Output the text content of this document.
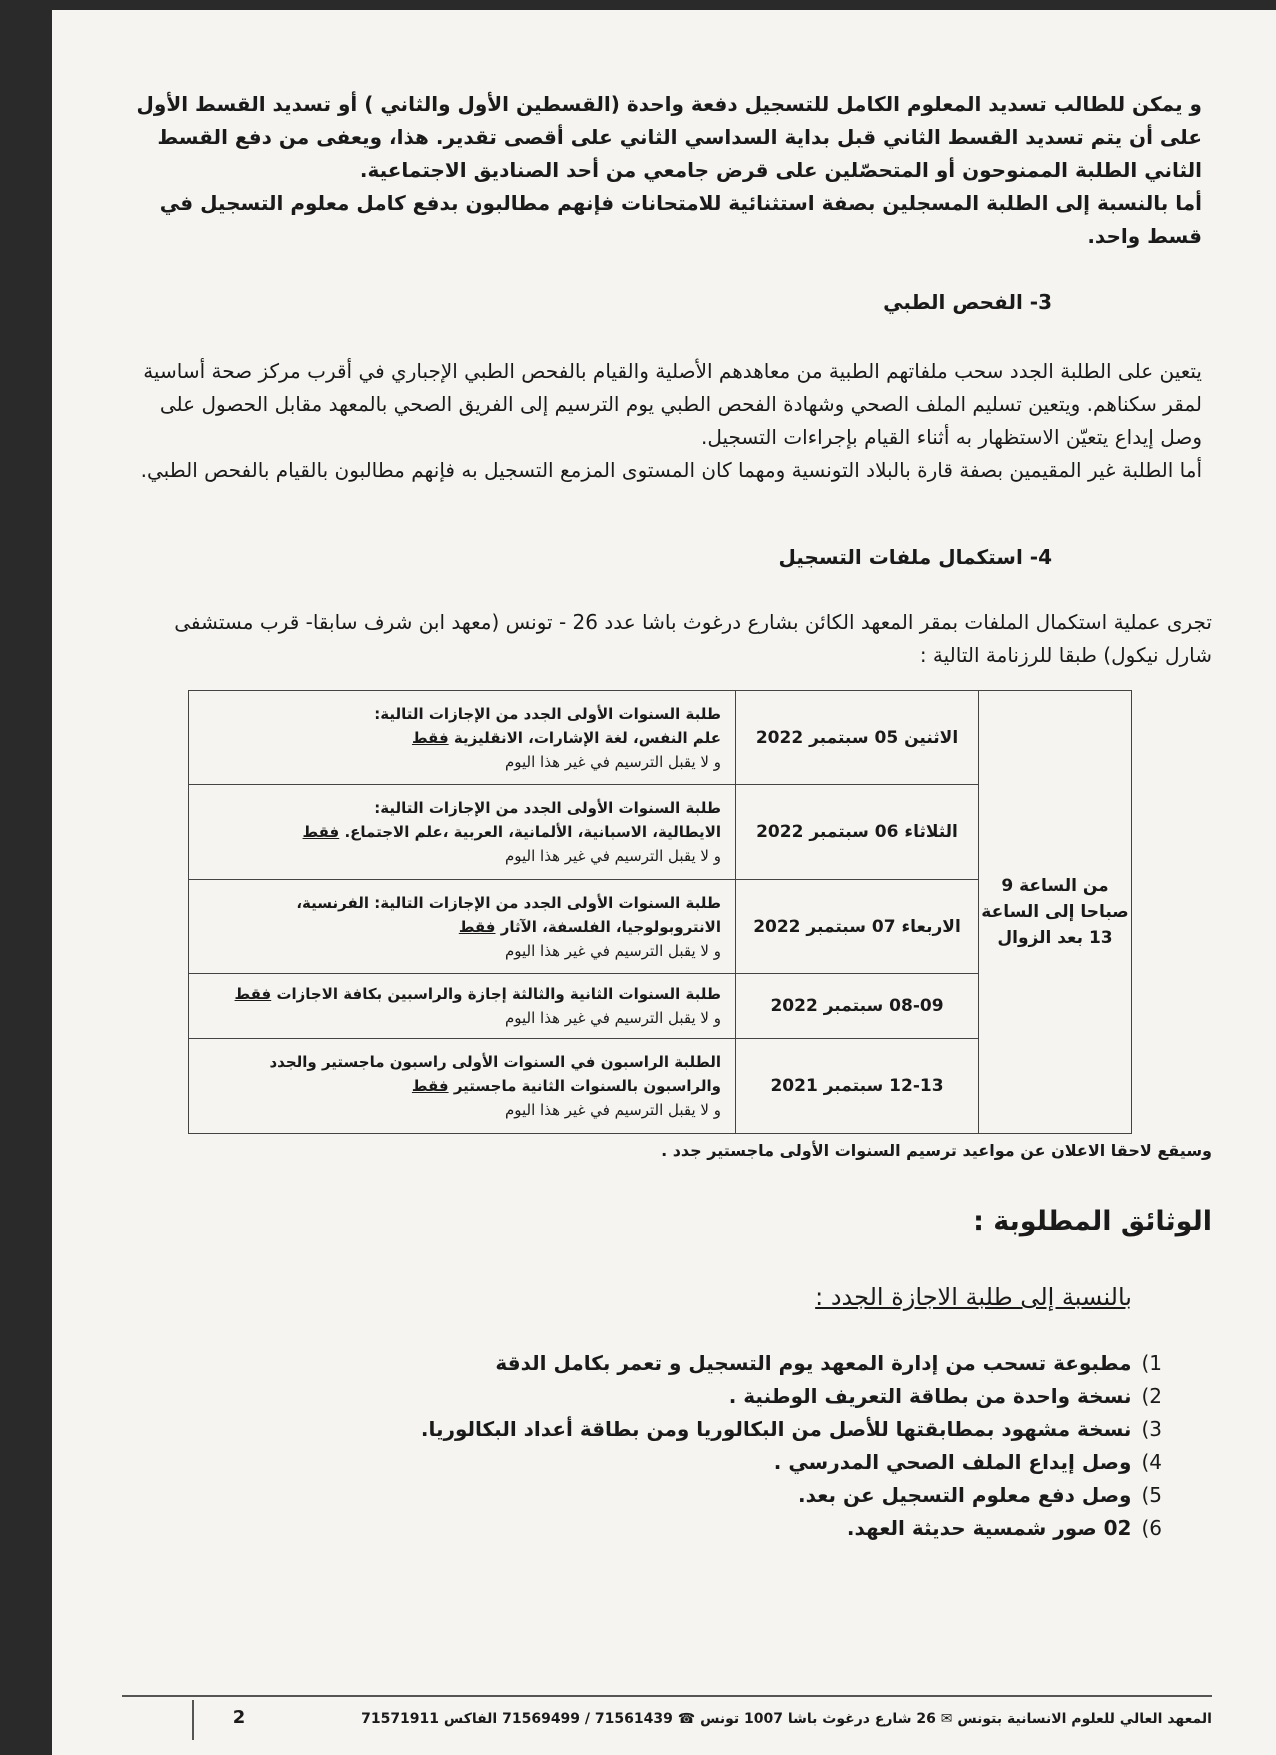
و يمكن للطالب تسديد المعلوم الكامل للتسجيل دفعة واحدة (القسطين الأول والثاني ) أو تسديد القسط الأول على أن يتم تسديد القسط الثاني قبل بداية السداسي الثاني على أقصى تقدير. هذا، ويعفى من دفع القسط الثاني الطلبة الممنوحون أو المتحصّلين على قرض جامعي من أحد الصناديق الاجتماعية.

أما بالنسبة إلى الطلبة المسجلين بصفة استثنائية للامتحانات فإنهم مطالبون بدفع كامل معلوم التسجيل في قسط واحد.

3- الفحص الطبي

يتعين على الطلبة الجدد سحب ملفاتهم الطبية من معاهدهم الأصلية والقيام بالفحص الطبي الإجباري في أقرب مركز صحة أساسية لمقر سكناهم. ويتعين تسليم الملف الصحي وشهادة الفحص الطبي يوم الترسيم إلى الفريق الصحي بالمعهد مقابل الحصول على وصل إيداع يتعيّن الاستظهار به أثناء القيام بإجراءات التسجيل.

أما الطلبة غير المقيمين بصفة قارة بالبلاد التونسية ومهما كان المستوى المزمع التسجيل به فإنهم مطالبون بالقيام بالفحص الطبي.

4- استكمال ملفات التسجيل

تجرى عملية استكمال الملفات بمقر المعهد الكائن بشارع درغوث باشا عدد 26 - تونس (معهد ابن شرف سابقا- قرب مستشفى شارل نيكول) طبقا للرزنامة التالية :

من الساعة 9 صباحا إلى الساعة 13 بعد الزوال	الاثنين 05 سبتمبر 2022	طلبة السنوات الأولى الجدد من الإجازات التالية:
علم النفس، لغة الإشارات، الانقليزية فقط
و لا يقبل الترسيم في غير هذا اليوم

	الثلاثاء 06 سبتمبر 2022	طلبة السنوات الأولى الجدد من الإجازات التالية:
الايطالية، الاسبانية، الألمانية، العربية ،علم الاجتماع. فقط
و لا يقبل الترسيم في غير هذا اليوم

	الاربعاء 07 سبتمبر 2022	طلبة السنوات الأولى الجدد من الإجازات التالية: الفرنسية،
الانتروبولوجيا، الفلسفة، الآثار فقط
و لا يقبل الترسيم في غير هذا اليوم

	08-09 سبتمبر 2022	طلبة السنوات الثانية والثالثة إجازة والراسبين بكافة الاجازات فقط
و لا يقبل الترسيم في غير هذا اليوم

	12-13 سبتمبر 2021	الطلبة الراسبون في السنوات الأولى راسبون ماجستير والجدد
والراسبون بالسنوات الثانية ماجستير فقط
و لا يقبل الترسيم في غير هذا اليوم

وسيقع لاحقا الاعلان عن مواعيد ترسيم السنوات الأولى ماجستير جدد .

الوثائق المطلوبة :
بالنسبة إلى طلبة الاجازة الجدد :
1)مطبوعة تسحب من إدارة المعهد يوم التسجيل و تعمر بكامل الدقة
2)نسخة واحدة من بطاقة التعريف الوطنية .
3)نسخة مشهود بمطابقتها للأصل من البكالوريا ومن بطاقة أعداد البكالوريا.
4)وصل إيداع الملف الصحي المدرسي .
5)وصل دفع معلوم التسجيل عن بعد.
6)02 صور شمسية حديثة العهد.
2	المعهد العالي للعلوم الانسانية بتونس ✉ 26 شارع درغوث باشا 1007 تونس ☎ 71561439 / 71569499 الفاكس 71571911
